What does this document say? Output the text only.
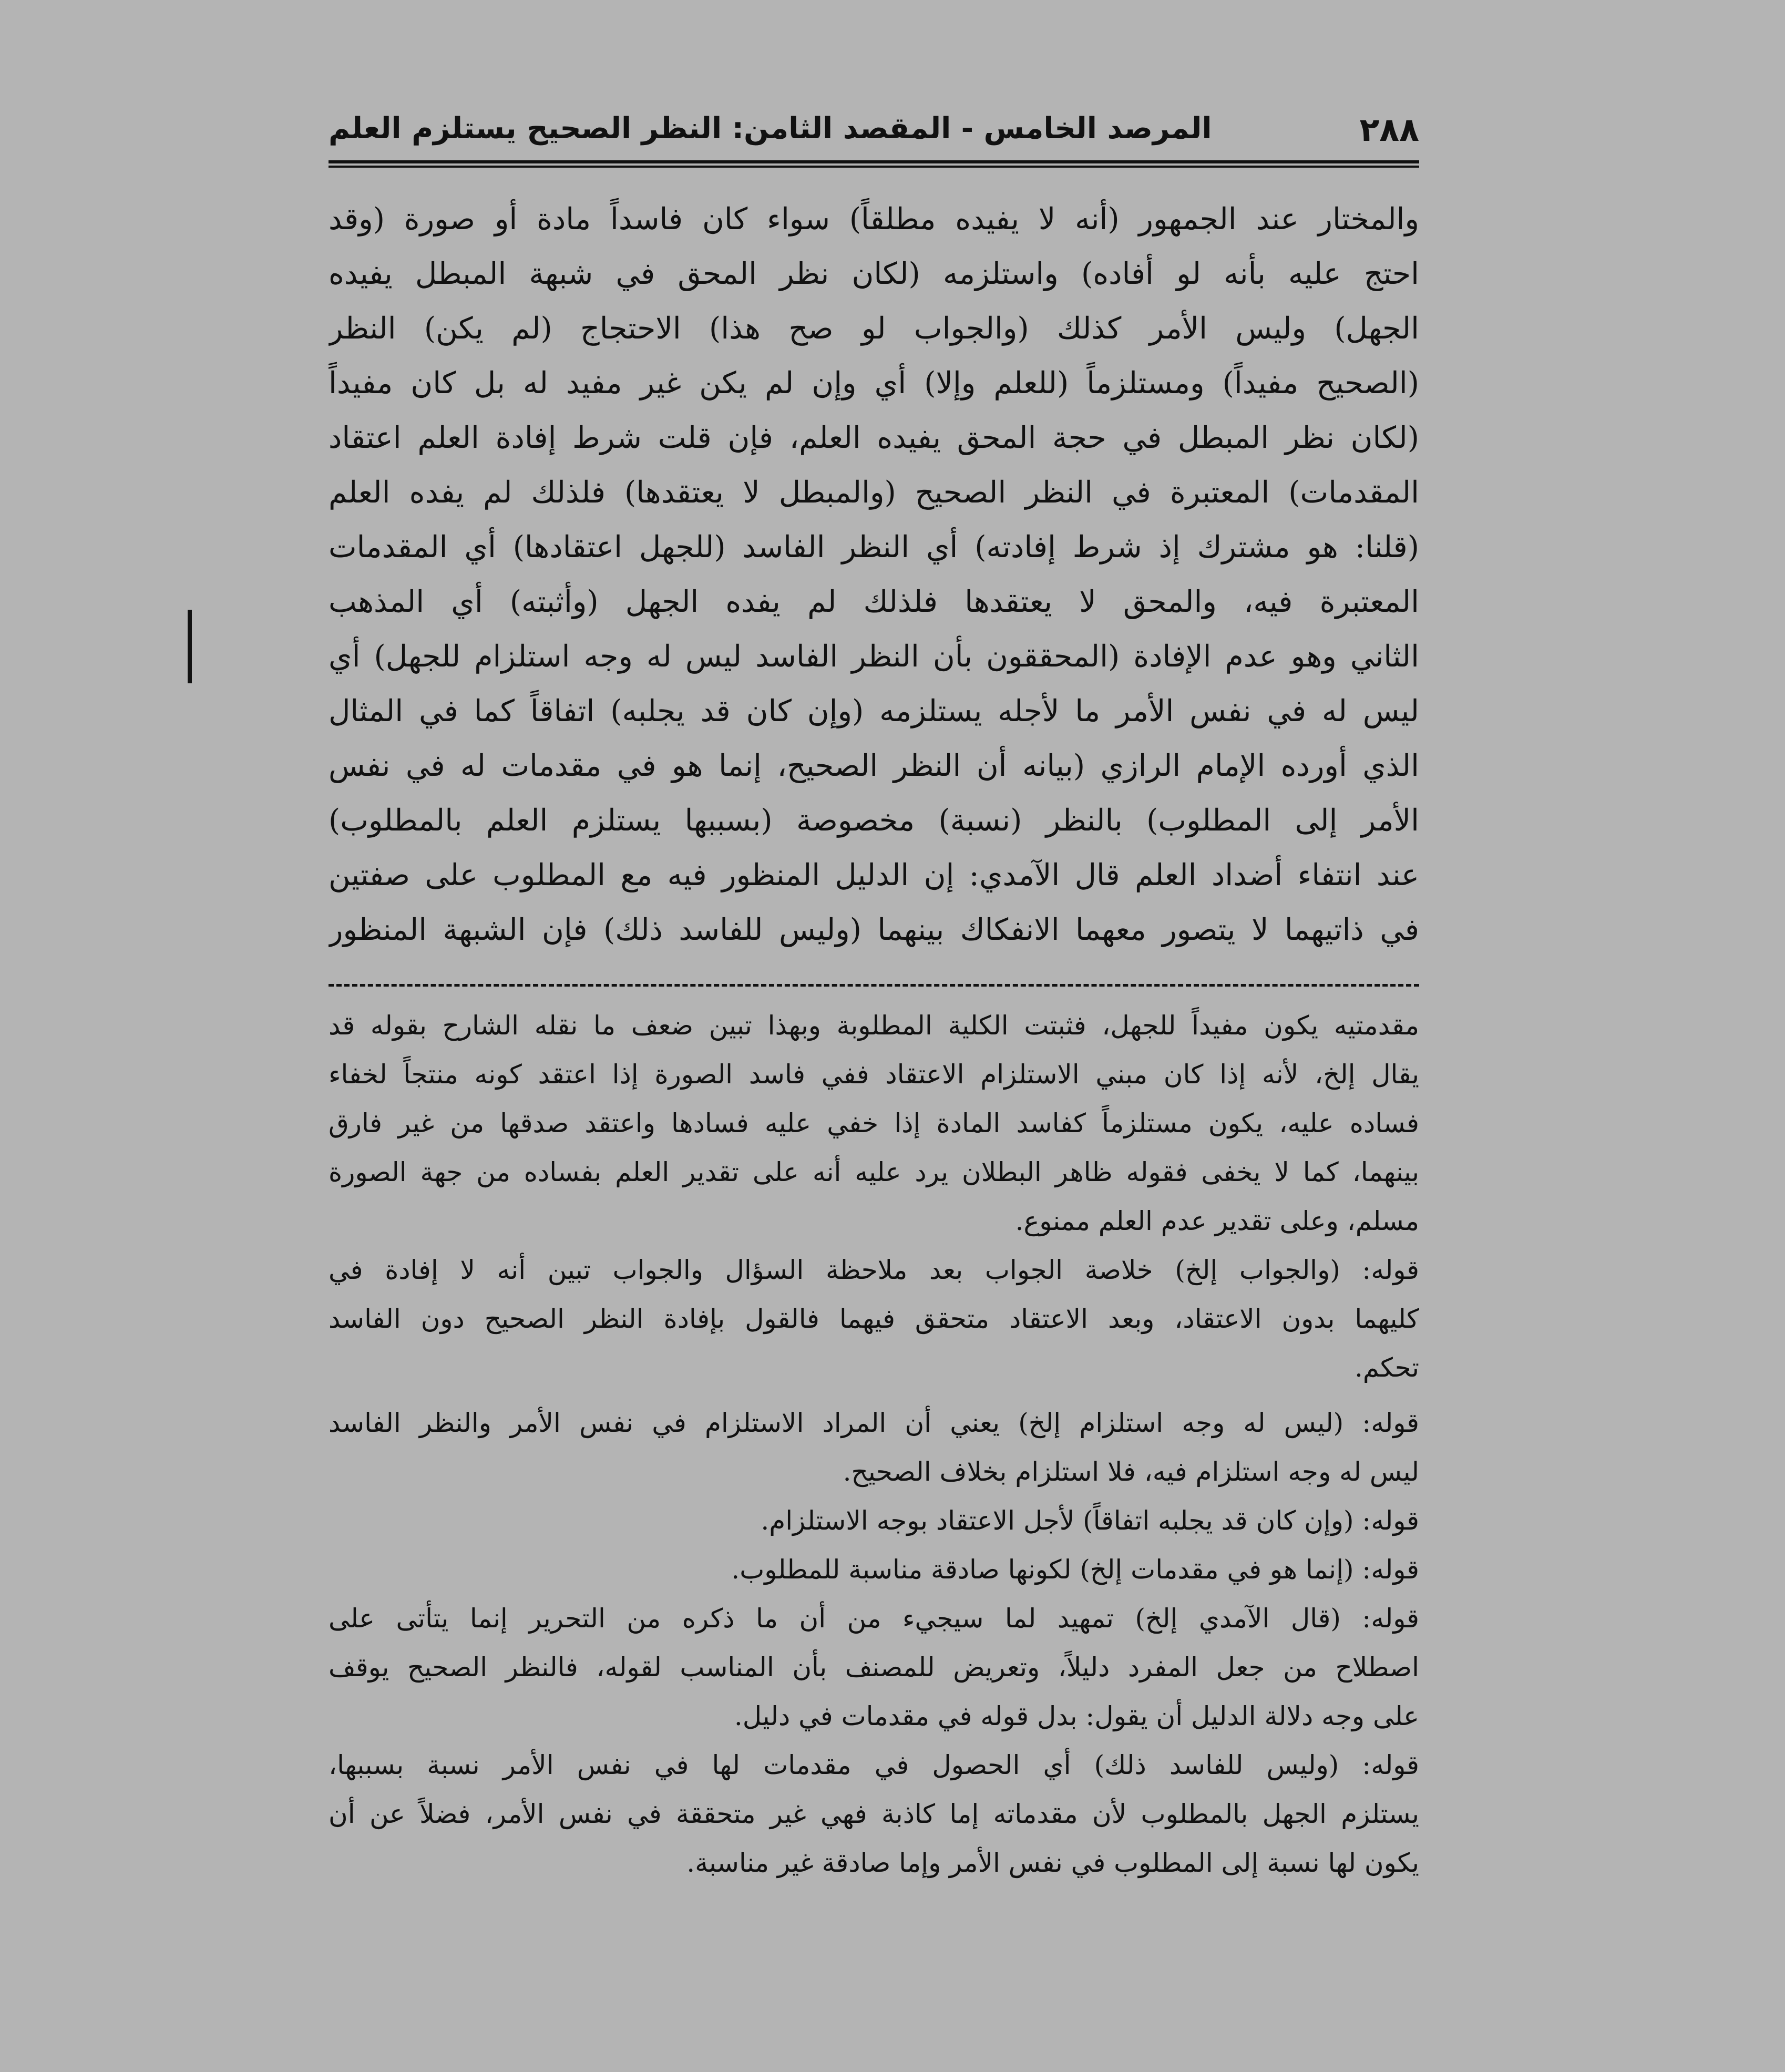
٢٨٨
المرصد الخامس - المقصد الثامن: النظر الصحيح يستلزم العلم
والمختار عند الجمهور (أنه لا يفيده مطلقاً) سواء كان فاسداً مادة أو صورة (وقد
احتج عليه بأنه لو أفاده) واستلزمه (لكان نظر المحق في شبهة المبطل يفيده
الجهل) وليس الأمر كذلك (والجواب لو صح هذا) الاحتجاج (لم يكن) النظر
(الصحيح مفيداً) ومستلزماً (للعلم وإلا) أي وإن لم يكن غير مفيد له بل كان مفيداً
(لكان نظر المبطل في حجة المحق يفيده العلم، فإن قلت شرط إفادة العلم اعتقاد
المقدمات) المعتبرة في النظر الصحيح (والمبطل لا يعتقدها) فلذلك لم يفده العلم
(قلنا: هو مشترك إذ شرط إفادته) أي النظر الفاسد (للجهل اعتقادها) أي المقدمات
المعتبرة فيه، والمحق لا يعتقدها فلذلك لم يفده الجهل (وأثبته) أي المذهب
الثاني وهو عدم الإفادة (المحققون بأن النظر الفاسد ليس له وجه استلزام للجهل) أي
ليس له في نفس الأمر ما لأجله يستلزمه (وإن كان قد يجلبه) اتفاقاً كما في المثال
الذي أورده الإمام الرازي (بيانه أن النظر الصحيح، إنما هو في مقدمات له في نفس
الأمر إلى المطلوب) بالنظر (نسبة) مخصوصة (بسببها يستلزم العلم بالمطلوب)
عند انتفاء أضداد العلم قال الآمدي: إن الدليل المنظور فيه مع المطلوب على صفتين
في ذاتيهما لا يتصور معهما الانفكاك بينهما (وليس للفاسد ذلك) فإن الشبهة المنظور
مقدمتيه يكون مفيداً للجهل، فثبتت الكلية المطلوبة وبهذا تبين ضعف ما نقله الشارح بقوله قد
يقال إلخ، لأنه إذا كان مبني الاستلزام الاعتقاد ففي فاسد الصورة إذا اعتقد كونه منتجاً لخفاء
فساده عليه، يكون مستلزماً كفاسد المادة إذا خفي عليه فسادها واعتقد صدقها من غير فارق
بينهما، كما لا يخفى فقوله ظاهر البطلان يرد عليه أنه على تقدير العلم بفساده من جهة الصورة
مسلم، وعلى تقدير عدم العلم ممنوع.
قوله: (والجواب إلخ) خلاصة الجواب بعد ملاحظة السؤال والجواب تبين أنه لا إفادة في
كليهما بدون الاعتقاد، وبعد الاعتقاد متحقق فيهما فالقول بإفادة النظر الصحيح دون الفاسد
تحكم.
قوله: (ليس له وجه استلزام إلخ) يعني أن المراد الاستلزام في نفس الأمر والنظر الفاسد
ليس له وجه استلزام فيه، فلا استلزام بخلاف الصحيح.
قوله: (وإن كان قد يجلبه اتفاقاً) لأجل الاعتقاد بوجه الاستلزام.
قوله: (إنما هو في مقدمات إلخ) لكونها صادقة مناسبة للمطلوب.
قوله: (قال الآمدي إلخ) تمهيد لما سيجيء من أن ما ذكره من التحرير إنما يتأتى على
اصطلاح من جعل المفرد دليلاً، وتعريض للمصنف بأن المناسب لقوله، فالنظر الصحيح يوقف
على وجه دلالة الدليل أن يقول: بدل قوله في مقدمات في دليل.
قوله: (وليس للفاسد ذلك) أي الحصول في مقدمات لها في نفس الأمر نسبة بسببها،
يستلزم الجهل بالمطلوب لأن مقدماته إما كاذبة فهي غير متحققة في نفس الأمر، فضلاً عن أن
يكون لها نسبة إلى المطلوب في نفس الأمر وإما صادقة غير مناسبة.
